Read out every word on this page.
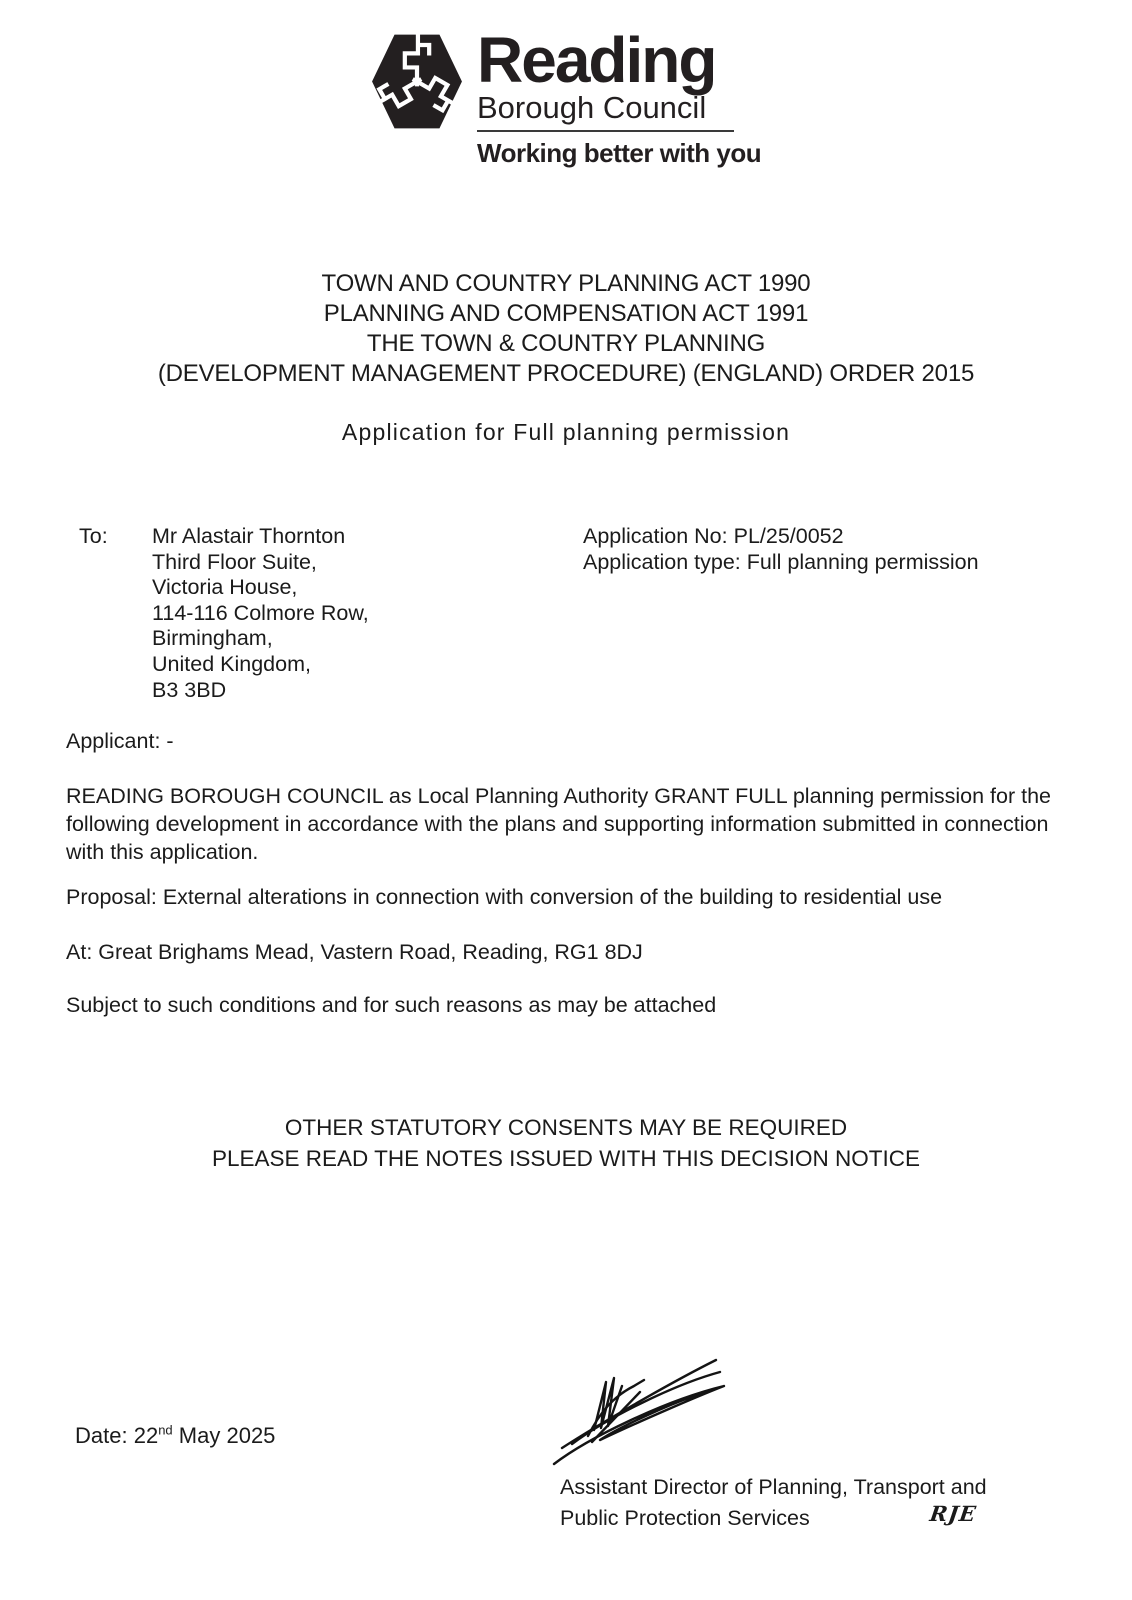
Reading
Borough Council
Working better with you
TOWN AND COUNTRY PLANNING ACT 1990
PLANNING AND COMPENSATION ACT 1991
THE TOWN & COUNTRY PLANNING
(DEVELOPMENT MANAGEMENT PROCEDURE) (ENGLAND) ORDER 2015
Application for Full planning permission
To: Mr Alastair Thornton
Third Floor Suite,
Victoria House,
114-116 Colmore Row,
Birmingham,
United Kingdom,
B3 3BD
Application No: PL/25/0052
Application type: Full planning permission
Applicant: -

READING BOROUGH COUNCIL as Local Planning Authority GRANT FULL planning permission for the following development in accordance with the plans and supporting information submitted in connection with this application.

Proposal: External alterations in connection with conversion of the building to residential use

At: Great Brighams Mead, Vastern Road, Reading, RG1 8DJ

Subject to such conditions and for such reasons as may be attached

OTHER STATUTORY CONSENTS MAY BE REQUIRED
PLEASE READ THE NOTES ISSUED WITH THIS DECISION NOTICE
Date: 22nd May 2025
Assistant Director of Planning, Transport and Public Protection Services	RJE
